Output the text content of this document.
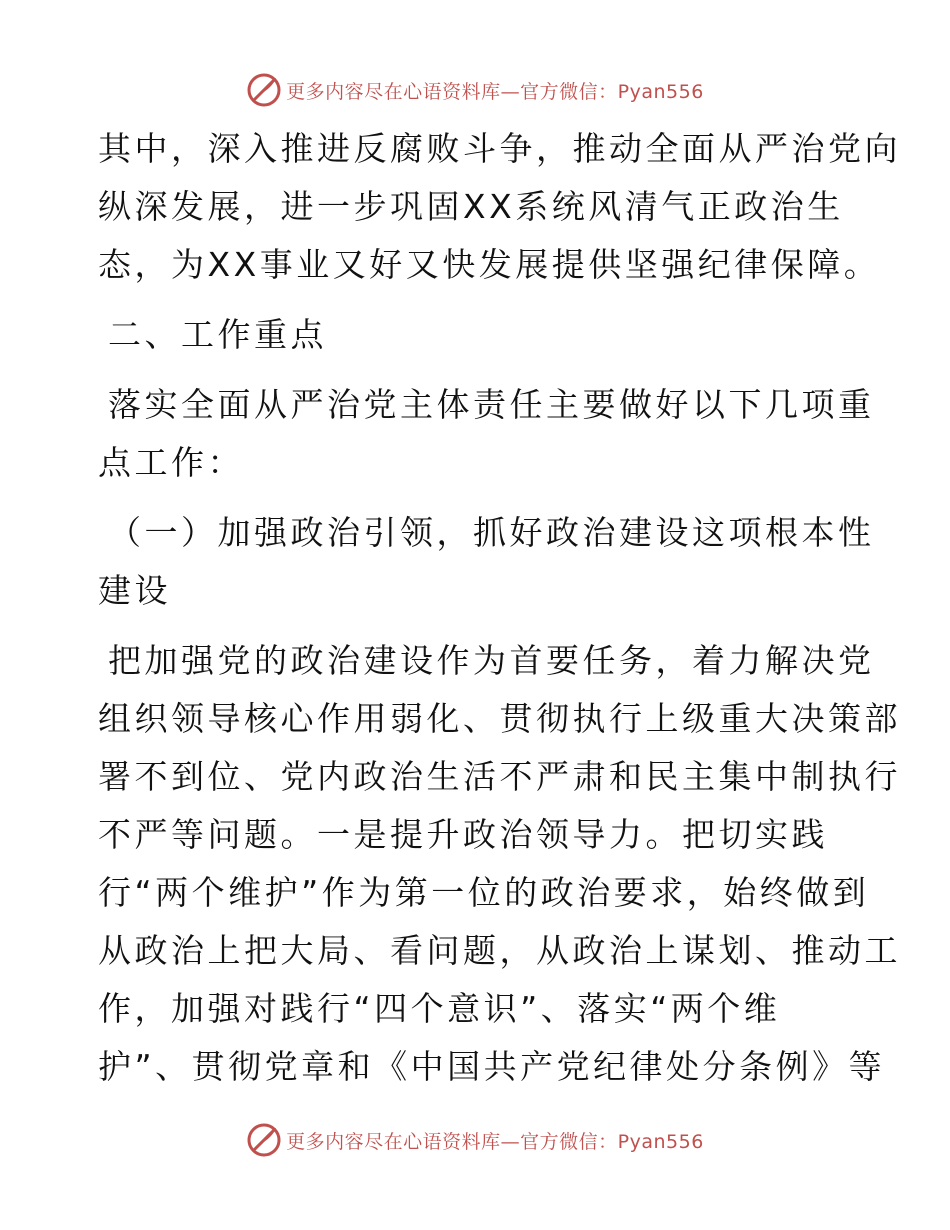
更多内容尽在心语资料库—官方微信：Pyan556
其中，深入推进反腐败斗争，推动全面从严治党向
纵深发展，进一步巩固XX系统风清气正政治生
态，为XX事业又好又快发展提供坚强纪律保障。
二、工作重点
落实全面从严治党主体责任主要做好以下几项重
点工作：
（一）加强政治引领，抓好政治建设这项根本性
建设
把加强党的政治建设作为首要任务，着力解决党
组织领导核心作用弱化、贯彻执行上级重大决策部
署不到位、党内政治生活不严肃和民主集中制执行
不严等问题。一是提升政治领导力。把切实践
行“两个维护”作为第一位的政治要求，始终做到
从政治上把大局、看问题，从政治上谋划、推动工
作，加强对践行“四个意识”、落实“两个维
护”、贯彻党章和《中国共产党纪律处分条例》等
更多内容尽在心语资料库—官方微信：Pyan556
